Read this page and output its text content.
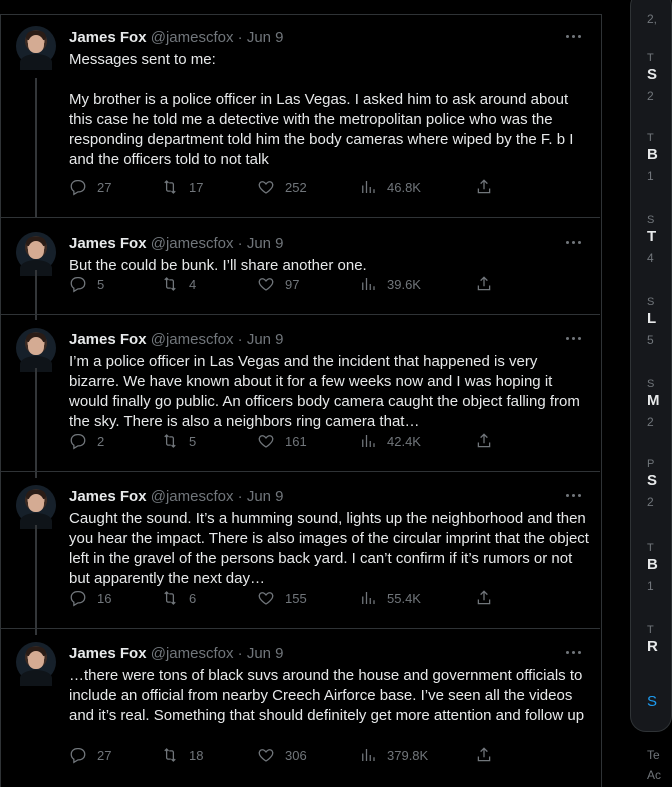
James Fox @jamescfox · Jun 9
Messages sent to me:

My brother is a police officer in Las Vegas. I asked him to ask around about this case he told me a detective with the metropolitan police who was the responding department told him the body cameras where wiped by the F. b I and the officers told to not talk
27	17	252	46.8K
James Fox @jamescfox · Jun 9
But the could be bunk. I’ll share another one.
5	4	97	39.6K
James Fox @jamescfox · Jun 9
I’m a police officer in Las Vegas and the incident that happened is very bizarre. We have known about it for a few weeks now and I was hoping it would finally go public. An officers body camera caught the object falling from the sky. There is also a neighbors ring camera that…
2	5	161	42.4K
James Fox @jamescfox · Jun 9
Caught the sound. It’s a humming sound, lights up the neighborhood and then you hear the impact. There is also images of the circular imprint that the object left in the gravel of the persons back yard. I can’t confirm if it’s rumors or not but apparently the next day…
16	6	155	55.4K
James Fox @jamescfox · Jun 9
…there were tons of black suvs around the house and government officials to include an official from nearby Creech Airforce base. I’ve seen all the videos and it’s real. Something that should definitely get more attention and follow up
27	18	306	379.8K
2,
T
S
2
T
B
1
S
T
4
S
L
5
S
M
2
P
S
2
T
B
1
T
R
S
Te
Ac
